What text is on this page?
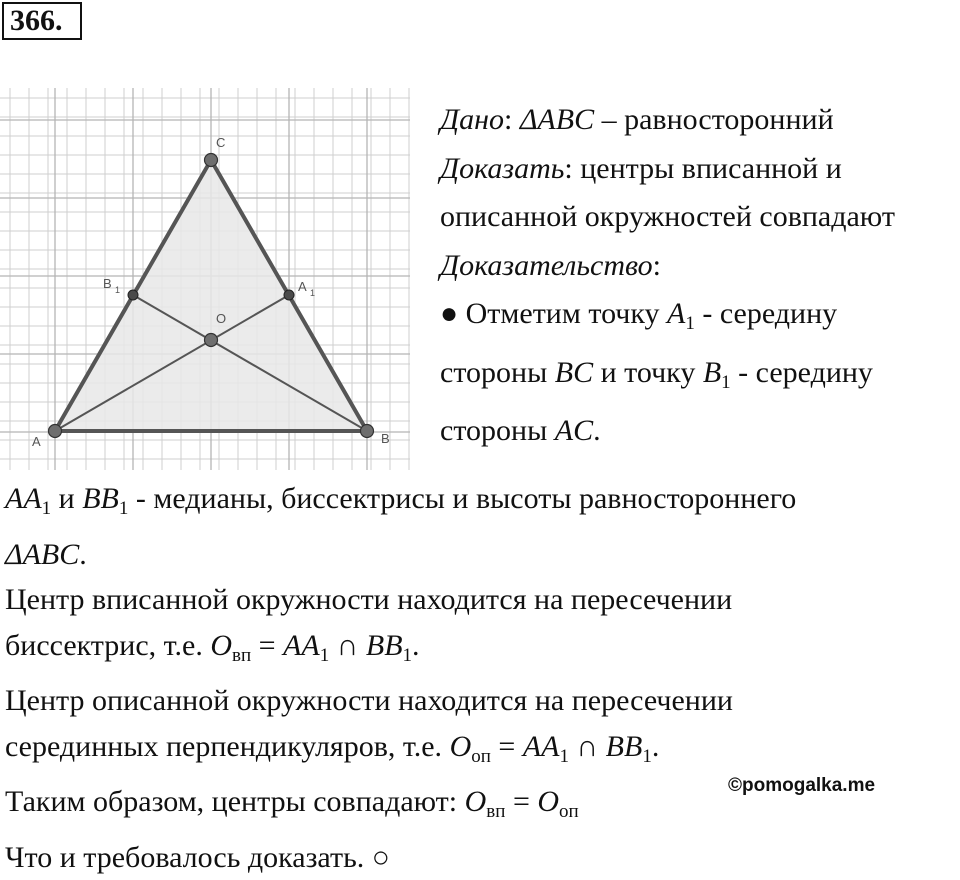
366.
A	B
C
O
B 1	A 1
Дано: ΔABC – равносторонний
Доказать: центры вписанной и
описанной окружностей совпадают
Доказательство:
● Отметим точку $A_1$ - середину
стороны BC и точку $B_1$ - середину
стороны AC.
$AA_1$ и $BB_1$ - медианы, биссектрисы и высоты равностороннего
ΔABC.
Центр вписанной окружности находится на пересечении
биссектрис, т.е. $O_{вп} = AA_1$ ∩ $BB_1$.
Центр описанной окружности находится на пересечении
серединных перпендикуляров, т.е. $O_{оп} = AA_1$ ∩ $BB_1$.
Таким образом, центры совпадают: $O_{вп} = O_{оп}$
Что и требовалось доказать. ○
©pomogalka.me
